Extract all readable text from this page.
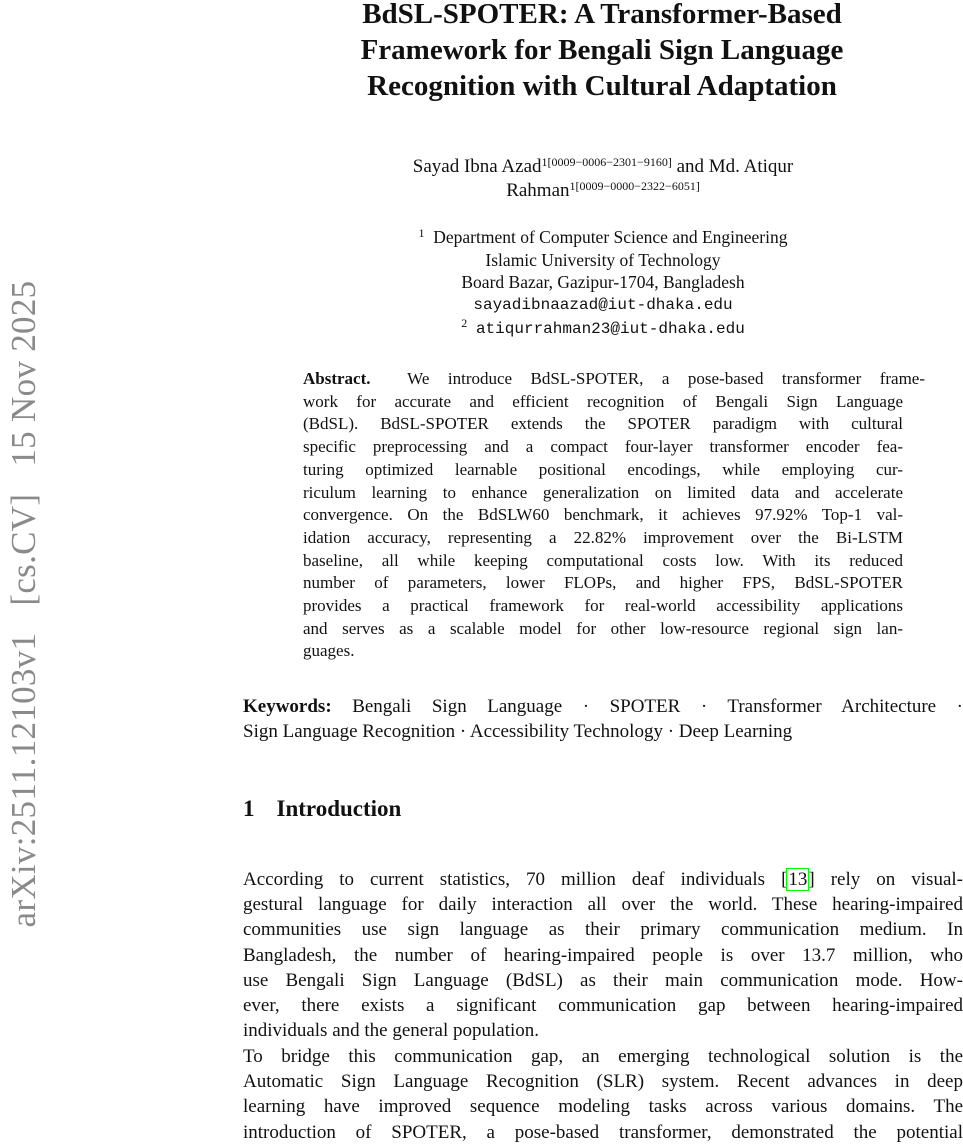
arXiv:2511.12103v1 [cs.CV] 15 Nov 2025
BdSL-SPOTER: A Transformer-Based
Framework for Bengali Sign Language
Recognition with Cultural Adaptation
Sayad Ibna Azad$^{1[0009-0006-2301-9160]}$ and Md. Atiqur
Rahman$^{1[0009-0000-2322-6051]}$
$^1$ Department of Computer Science and Engineering
Islamic University of Technology
Board Bazar, Gazipur-1704, Bangladesh
sayadibnaazad@iut-dhaka.edu
$^2$ atiqurrahman23@iut-dhaka.edu
Abstract. We introduce BdSL-SPOTER, a pose-based transformer frame-
work for accurate and efficient recognition of Bengali Sign Language
(BdSL). BdSL-SPOTER extends the SPOTER paradigm with cultural
specific preprocessing and a compact four-layer transformer encoder fea-
turing optimized learnable positional encodings, while employing cur-
riculum learning to enhance generalization on limited data and accelerate
convergence. On the BdSLW60 benchmark, it achieves 97.92% Top-1 val-
idation accuracy, representing a 22.82% improvement over the Bi-LSTM
baseline, all while keeping computational costs low. With its reduced
number of parameters, lower FLOPs, and higher FPS, BdSL-SPOTER
provides a practical framework for real-world accessibility applications
and serves as a scalable model for other low-resource regional sign lan-
guages.
Keywords: Bengali Sign Language · SPOTER · Transformer Architecture ·
Sign Language Recognition · Accessibility Technology · Deep Learning
1 Introduction
According to current statistics, 70 million deaf individuals [13] rely on visual-
gestural language for daily interaction all over the world. These hearing-impaired
communities use sign language as their primary communication medium. In
Bangladesh, the number of hearing-impaired people is over 13.7 million, who
use Bengali Sign Language (BdSL) as their main communication mode. How-
ever, there exists a significant communication gap between hearing-impaired
individuals and the general population.
To bridge this communication gap, an emerging technological solution is the
Automatic Sign Language Recognition (SLR) system. Recent advances in deep
learning have improved sequence modeling tasks across various domains. The
introduction of SPOTER, a pose-based transformer, demonstrated the potential
